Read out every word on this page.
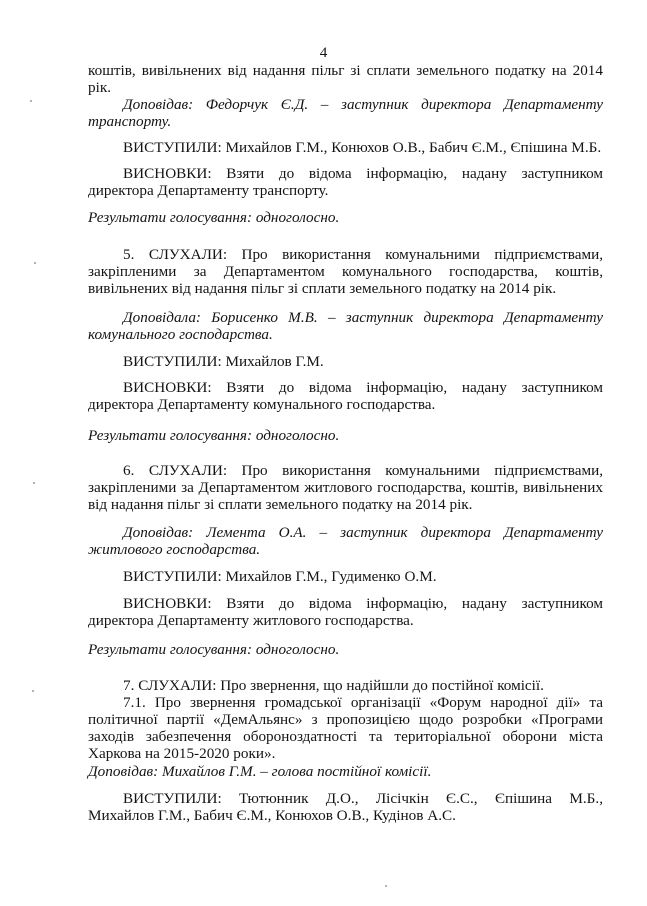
4
коштів, вивільнених від надання пільг зі сплати земельного податку на 2014
рік.
Доповідав: Федорчук Є.Д. – заступник директора Департаменту
транспорту.
ВИСТУПИЛИ: Михайлов Г.М., Конюхов О.В., Бабич Є.М., Єпішина М.Б.
ВИСНОВКИ: Взяти до відома інформацію, надану заступником
директора Департаменту транспорту.
Результати голосування: одноголосно.
5. СЛУХАЛИ: Про використання комунальними підприємствами,
закріпленими за Департаментом комунального господарства, коштів,
вивільнених від надання пільг зі сплати земельного податку на 2014 рік.
Доповідала: Борисенко М.В. – заступник директора Департаменту
комунального господарства.
ВИСТУПИЛИ: Михайлов Г.М.
ВИСНОВКИ: Взяти до відома інформацію, надану заступником
директора Департаменту комунального господарства.
Результати голосування: одноголосно.
6. СЛУХАЛИ: Про використання комунальними підприємствами,
закріпленими за Департаментом житлового господарства, коштів, вивільнених
від надання пільг зі сплати земельного податку на 2014 рік.
Доповідав: Лемента О.А. – заступник директора Департаменту
житлового господарства.
ВИСТУПИЛИ: Михайлов Г.М., Гудименко О.М.
ВИСНОВКИ: Взяти до відома інформацію, надану заступником
директора Департаменту житлового господарства.
Результати голосування: одноголосно.
7. СЛУХАЛИ: Про звернення, що надійшли до постійної комісії.
7.1. Про звернення громадської організації «Форум народної дії» та
політичної партії «ДемАльянс» з пропозицією щодо розробки «Програми
заходів забезпечення обороноздатності та територіальної оборони міста
Харкова на 2015-2020 роки».
Доповідав: Михайлов Г.М. – голова постійної комісії.
ВИСТУПИЛИ: Тютюнник Д.О., Лісічкін Є.С., Єпішина М.Б.,
Михайлов Г.М., Бабич Є.М., Конюхов О.В., Кудінов А.С.
